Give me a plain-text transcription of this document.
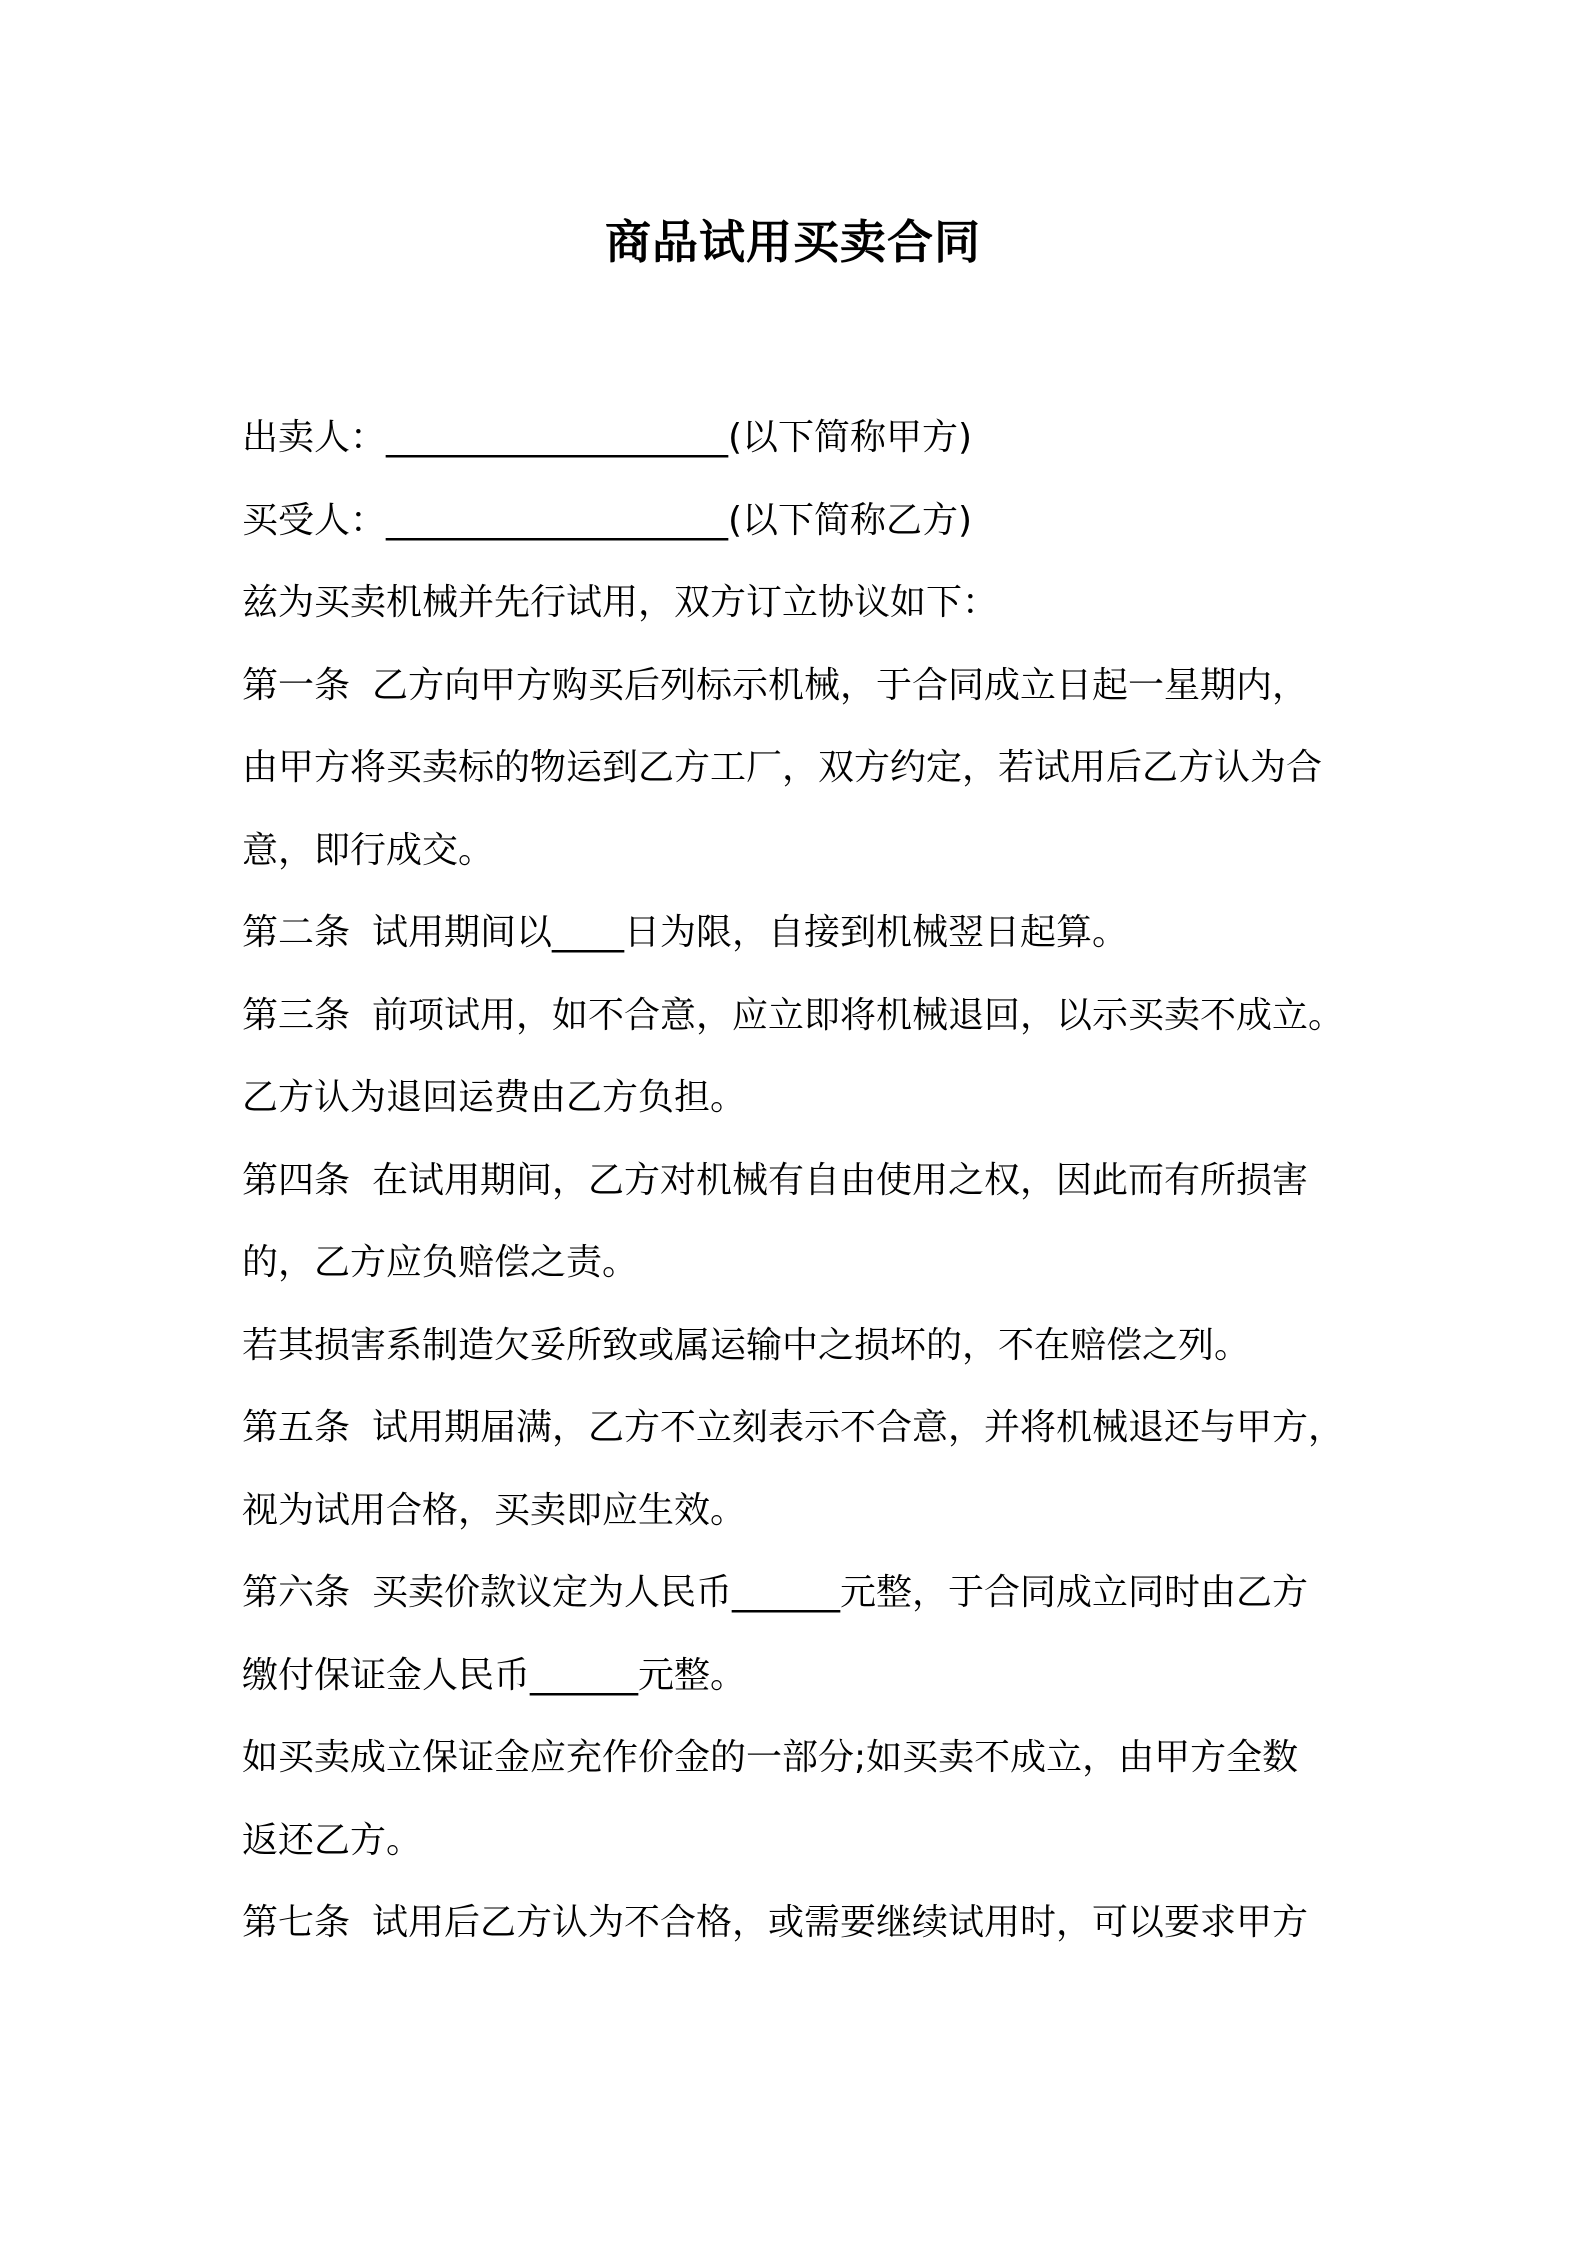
商品试用买卖合同
出卖人：___________________(以下简称甲方)
买受人：___________________(以下简称乙方)
兹为买卖机械并先行试用，双方订立协议如下：
第一条 乙方向甲方购买后列标示机械，于合同成立日起一星期内，
由甲方将买卖标的物运到乙方工厂，双方约定，若试用后乙方认为合
意，即行成交。
第二条 试用期间以____日为限，自接到机械翌日起算。
第三条 前项试用，如不合意，应立即将机械退回，以示买卖不成立。
乙方认为退回运费由乙方负担。
第四条 在试用期间，乙方对机械有自由使用之权，因此而有所损害
的，乙方应负赔偿之责。
若其损害系制造欠妥所致或属运输中之损坏的，不在赔偿之列。
第五条 试用期届满，乙方不立刻表示不合意，并将机械退还与甲方，
视为试用合格，买卖即应生效。
第六条 买卖价款议定为人民币______元整，于合同成立同时由乙方
缴付保证金人民币______元整。
如买卖成立保证金应充作价金的一部分;如买卖不成立，由甲方全数
返还乙方。
第七条 试用后乙方认为不合格，或需要继续试用时，可以要求甲方
